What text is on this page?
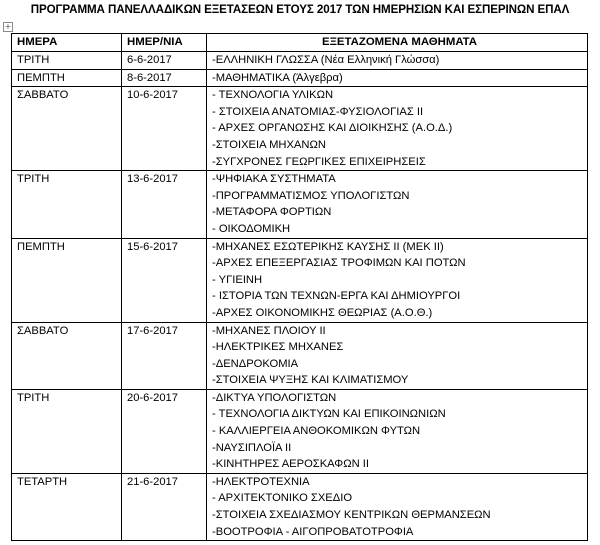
ΠΡΟΓΡΑΜΜΑ ΠΑΝΕΛΛΑΔΙΚΩΝ ΕΞΕΤΑΣΕΩΝ ΕΤΟΥΣ 2017 ΤΩΝ ΗΜΕΡΗΣΙΩΝ ΚΑΙ ΕΣΠΕΡΙΝΩΝ ΕΠΑΛ
+
ΗΜΕΡΑ	ΗΜΕΡ/ΝΙΑ	ΕΞΕΤΑΖΟΜΕΝΑ ΜΑΘΗΜΑΤΑ
ΤΡΙΤΗ	6-6-2017	-ΕΛΛΗΝΙΚΗ ΓΛΩΣΣΑ (Νέα Ελληνική Γλώσσα)

ΠΕΜΠΤΗ	8-6-2017	-ΜΑΘΗΜΑΤΙΚΑ (Άλγεβρα)

ΣΑΒΒΑΤΟ	10-6-2017	- ΤΕΧΝΟΛΟΓΙΑ ΥΛΙΚΩΝ
- ΣΤΟΙΧΕΙΑ ΑΝΑΤΟΜΙΑΣ-ΦΥΣΙΟΛΟΓΙΑΣ ΙΙ
- ΑΡΧΕΣ ΟΡΓΑΝΩΣΗΣ ΚΑΙ ΔΙΟΙΚΗΣΗΣ (Α.Ο.Δ.)
-ΣΤΟΙΧΕΙΑ ΜΗΧΑΝΩΝ
-ΣΥΓΧΡΟΝΕΣ ΓΕΩΡΓΙΚΕΣ ΕΠΙΧΕΙΡΗΣΕΙΣ

ΤΡΙΤΗ	13-6-2017	-ΨΗΦΙΑΚΑ ΣΥΣΤΗΜΑΤΑ
-ΠΡΟΓΡΑΜΜΑΤΙΣΜΟΣ ΥΠΟΛΟΓΙΣΤΩΝ
-ΜΕΤΑΦΟΡΑ ΦΟΡΤΙΩΝ
- ΟΙΚΟΔΟΜΙΚΗ

ΠΕΜΠΤΗ	15-6-2017	-ΜΗΧΑΝΕΣ ΕΣΩΤΕΡΙΚΗΣ ΚΑΥΣΗΣ ΙΙ (ΜΕΚ ΙΙ)
-ΑΡΧΕΣ ΕΠΕΞΕΡΓΑΣΙΑΣ ΤΡΟΦΙΜΩΝ ΚΑΙ ΠΟΤΩΝ
- ΥΓΙΕΙΝΗ
- ΙΣΤΟΡΙΑ ΤΩΝ ΤΕΧΝΩΝ-ΕΡΓΑ ΚΑΙ ΔΗΜΙΟΥΡΓΟΙ
-ΑΡΧΕΣ ΟΙΚΟΝΟΜΙΚΗΣ ΘΕΩΡΙΑΣ (Α.Ο.Θ.)

ΣΑΒΒΑΤΟ	17-6-2017	-ΜΗΧΑΝΕΣ ΠΛΟΙΟΥ ΙΙ
-ΗΛΕΚΤΡΙΚΕΣ ΜΗΧΑΝΕΣ
-ΔΕΝΔΡΟΚΟΜΙΑ
-ΣΤΟΙΧΕΙΑ ΨΥΞΗΣ ΚΑΙ ΚΛΙΜΑΤΙΣΜΟΥ

ΤΡΙΤΗ	20-6-2017	-ΔΙΚΤΥΑ ΥΠΟΛΟΓΙΣΤΩΝ
- ΤΕΧΝΟΛΟΓΙΑ ΔΙΚΤΥΩΝ ΚΑΙ ΕΠΙΚΟΙΝΩΝΙΩΝ
- ΚΑΛΛΙΕΡΓΕΙΑ ΑΝΘΟΚΟΜΙΚΩΝ ΦΥΤΩΝ
-ΝΑΥΣΙΠΛΟΪΑ ΙΙ
-ΚΙΝΗΤΗΡΕΣ ΑΕΡΟΣΚΑΦΩΝ ΙΙ

ΤΕΤΑΡΤΗ	21-6-2017	-ΗΛΕΚΤΡΟΤΕΧΝΙΑ
- ΑΡΧΙΤΕΚΤΟΝΙΚΟ ΣΧΕΔΙΟ
-ΣΤΟΙΧΕΙΑ ΣΧΕΔΙΑΣΜΟΥ ΚΕΝΤΡΙΚΩΝ ΘΕΡΜΑΝΣΕΩΝ
-ΒΟΟΤΡΟΦΙΑ - ΑΙΓΟΠΡΟΒΑΤΟΤΡΟΦΙΑ
